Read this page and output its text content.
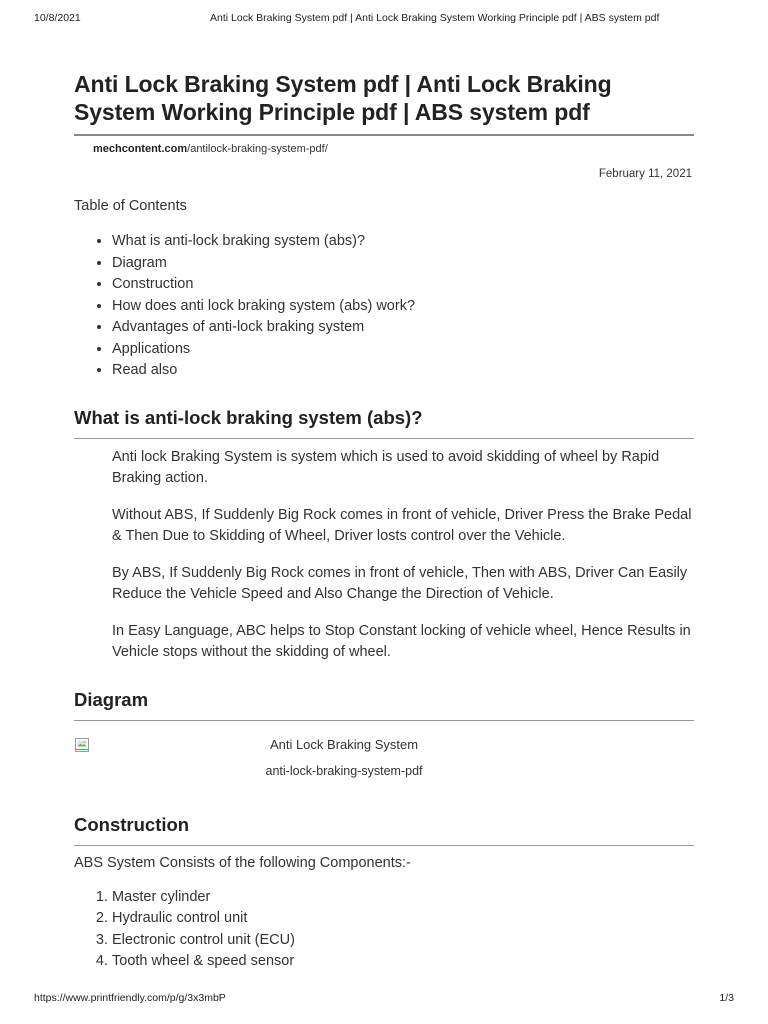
10/8/2021	Anti Lock Braking System pdf | Anti Lock Braking System Working Principle pdf | ABS system pdf
Anti Lock Braking System pdf | Anti Lock Braking System Working Principle pdf | ABS system pdf
mechcontent.com/antilock-braking-system-pdf/
February 11, 2021
Table of Contents
• What is anti-lock braking system (abs)?
• Diagram
• Construction
• How does anti lock braking system (abs) work?
• Advantages of anti-lock braking system
• Applications
• Read also
What is anti-lock braking system (abs)?

Anti lock Braking System is system which is used to avoid skidding of wheel by Rapid Braking action.

Without ABS, If Suddenly Big Rock comes in front of vehicle, Driver Press the Brake Pedal & Then Due to Skidding of Wheel, Driver losts control over the Vehicle.

By ABS, If Suddenly Big Rock comes in front of vehicle, Then with ABS, Driver Can Easily Reduce the Vehicle Speed and Also Change the Direction of Vehicle.

In Easy Language, ABC helps to Stop Constant locking of vehicle wheel, Hence Results in Vehicle stops without the skidding of wheel.

Diagram
Anti Lock Braking System
anti-lock-braking-system-pdf
Construction
ABS System Consists of the following Components:-
1. Master cylinder
2. Hydraulic control unit
3. Electronic control unit (ECU)
4. Tooth wheel & speed sensor
https://www.printfriendly.com/p/g/3x3mbP	1/3
